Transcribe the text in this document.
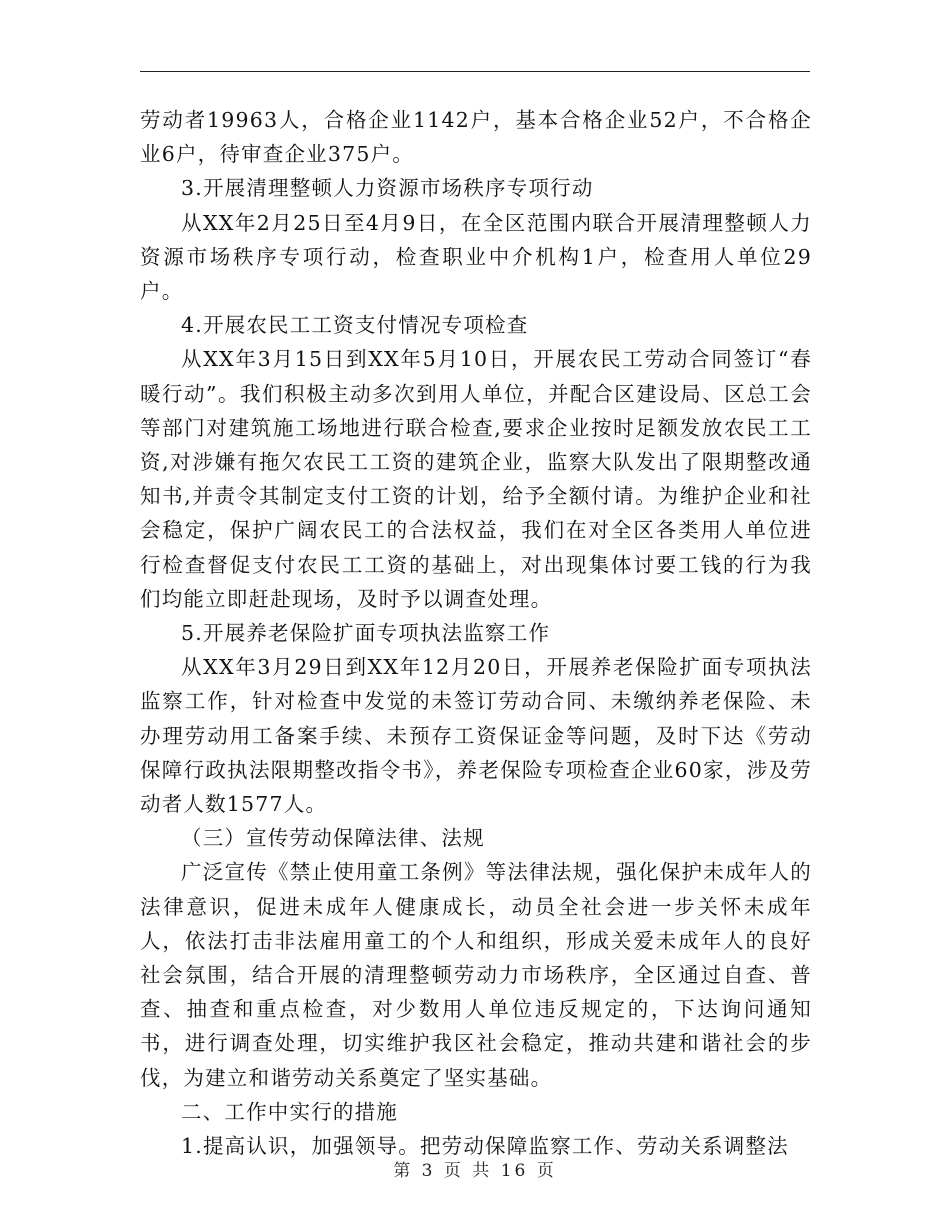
劳动者19963人，合格企业1142户，基本合格企业52户，不合格企业6户，待审查企业375户。

3.开展清理整顿人力资源市场秩序专项行动

从XX年2月25日至4月9日，在全区范围内联合开展清理整顿人力资源市场秩序专项行动，检查职业中介机构1户，检查用人单位29户。

4.开展农民工工资支付情况专项检查

从XX年3月15日到XX年5月10日，开展农民工劳动合同签订“春暖行动”。我们积极主动多次到用人单位，并配合区建设局、区总工会等部门对建筑施工场地进行联合检查,要求企业按时足额发放农民工工资,对涉嫌有拖欠农民工工资的建筑企业，监察大队发出了限期整改通知书,并责令其制定支付工资的计划，给予全额付请。为维护企业和社会稳定，保护广阔农民工的合法权益，我们在对全区各类用人单位进行检查督促支付农民工工资的基础上，对出现集体讨要工钱的行为我们均能立即赶赴现场，及时予以调查处理。

5.开展养老保险扩面专项执法监察工作

从XX年3月29日到XX年12月20日，开展养老保险扩面专项执法监察工作，针对检查中发觉的未签订劳动合同、未缴纳养老保险、未办理劳动用工备案手续、未预存工资保证金等问题，及时下达《劳动保障行政执法限期整改指令书》，养老保险专项检查企业60家，涉及劳动者人数1577人。

（三）宣传劳动保障法律、法规

广泛宣传《禁止使用童工条例》等法律法规，强化保护未成年人的法律意识，促进未成年人健康成长，动员全社会进一步关怀未成年人，依法打击非法雇用童工的个人和组织，形成关爱未成年人的良好社会氛围，结合开展的清理整顿劳动力市场秩序，全区通过自查、普查、抽查和重点检查，对少数用人单位违反规定的，下达询问通知书，进行调查处理，切实维护我区社会稳定，推动共建和谐社会的步伐，为建立和谐劳动关系奠定了坚实基础。

二、工作中实行的措施

1.提高认识，加强领导。把劳动保障监察工作、劳动关系调整法

第 3 页 共 16 页
